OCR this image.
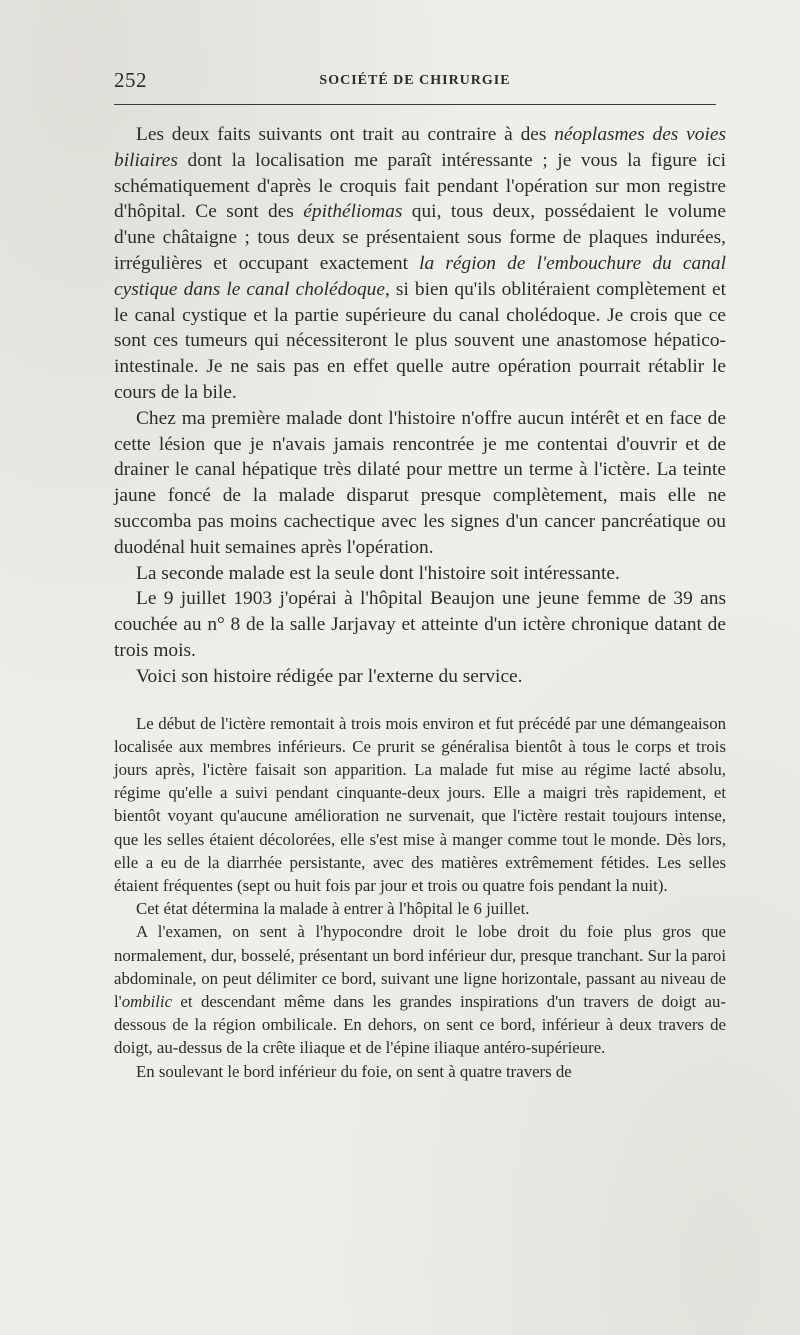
252	SOCIÉTÉ DE CHIRURGIE

Les deux faits suivants ont trait au contraire à des néoplasmes des voies biliaires dont la localisation me paraît intéressante ; je vous la figure ici schématiquement d'après le croquis fait pendant l'opération sur mon registre d'hôpital. Ce sont des épithéliomas qui, tous deux, possédaient le volume d'une châtaigne ; tous deux se présentaient sous forme de plaques indurées, irrégulières et occupant exactement la région de l'embouchure du canal cystique dans le canal cholédoque, si bien qu'ils oblitéraient complètement et le canal cystique et la partie supérieure du canal cholédoque. Je crois que ce sont ces tumeurs qui nécessiteront le plus souvent une anastomose hépatico-intestinale. Je ne sais pas en effet quelle autre opération pourrait rétablir le cours de la bile.

Chez ma première malade dont l'histoire n'offre aucun intérêt et en face de cette lésion que je n'avais jamais rencontrée je me contentai d'ouvrir et de drainer le canal hépatique très dilaté pour mettre un terme à l'ictère. La teinte jaune foncé de la malade disparut presque complètement, mais elle ne succomba pas moins cachectique avec les signes d'un cancer pancréatique ou duodénal huit semaines après l'opération.

La seconde malade est la seule dont l'histoire soit intéressante.

Le 9 juillet 1903 j'opérai à l'hôpital Beaujon une jeune femme de 39 ans couchée au n° 8 de la salle Jarjavay et atteinte d'un ictère chronique datant de trois mois.

Voici son histoire rédigée par l'externe du service.

Le début de l'ictère remontait à trois mois environ et fut précédé par une démangeaison localisée aux membres inférieurs. Ce prurit se généralisa bientôt à tous le corps et trois jours après, l'ictère faisait son apparition. La malade fut mise au régime lacté absolu, régime qu'elle a suivi pendant cinquante-deux jours. Elle a maigri très rapidement, et bientôt voyant qu'aucune amélioration ne survenait, que l'ictère restait toujours intense, que les selles étaient décolorées, elle s'est mise à manger comme tout le monde. Dès lors, elle a eu de la diarrhée persistante, avec des matières extrêmement fétides. Les selles étaient fréquentes (sept ou huit fois par jour et trois ou quatre fois pendant la nuit).

Cet état détermina la malade à entrer à l'hôpital le 6 juillet.

A l'examen, on sent à l'hypocondre droit le lobe droit du foie plus gros que normalement, dur, bosselé, présentant un bord inférieur dur, presque tranchant. Sur la paroi abdominale, on peut délimiter ce bord, suivant une ligne horizontale, passant au niveau de l'ombilic et descendant même dans les grandes inspirations d'un travers de doigt au-dessous de la région ombilicale. En dehors, on sent ce bord, inférieur à deux travers de doigt, au-dessus de la crête iliaque et de l'épine iliaque antéro-supérieure.

En soulevant le bord inférieur du foie, on sent à quatre travers de
